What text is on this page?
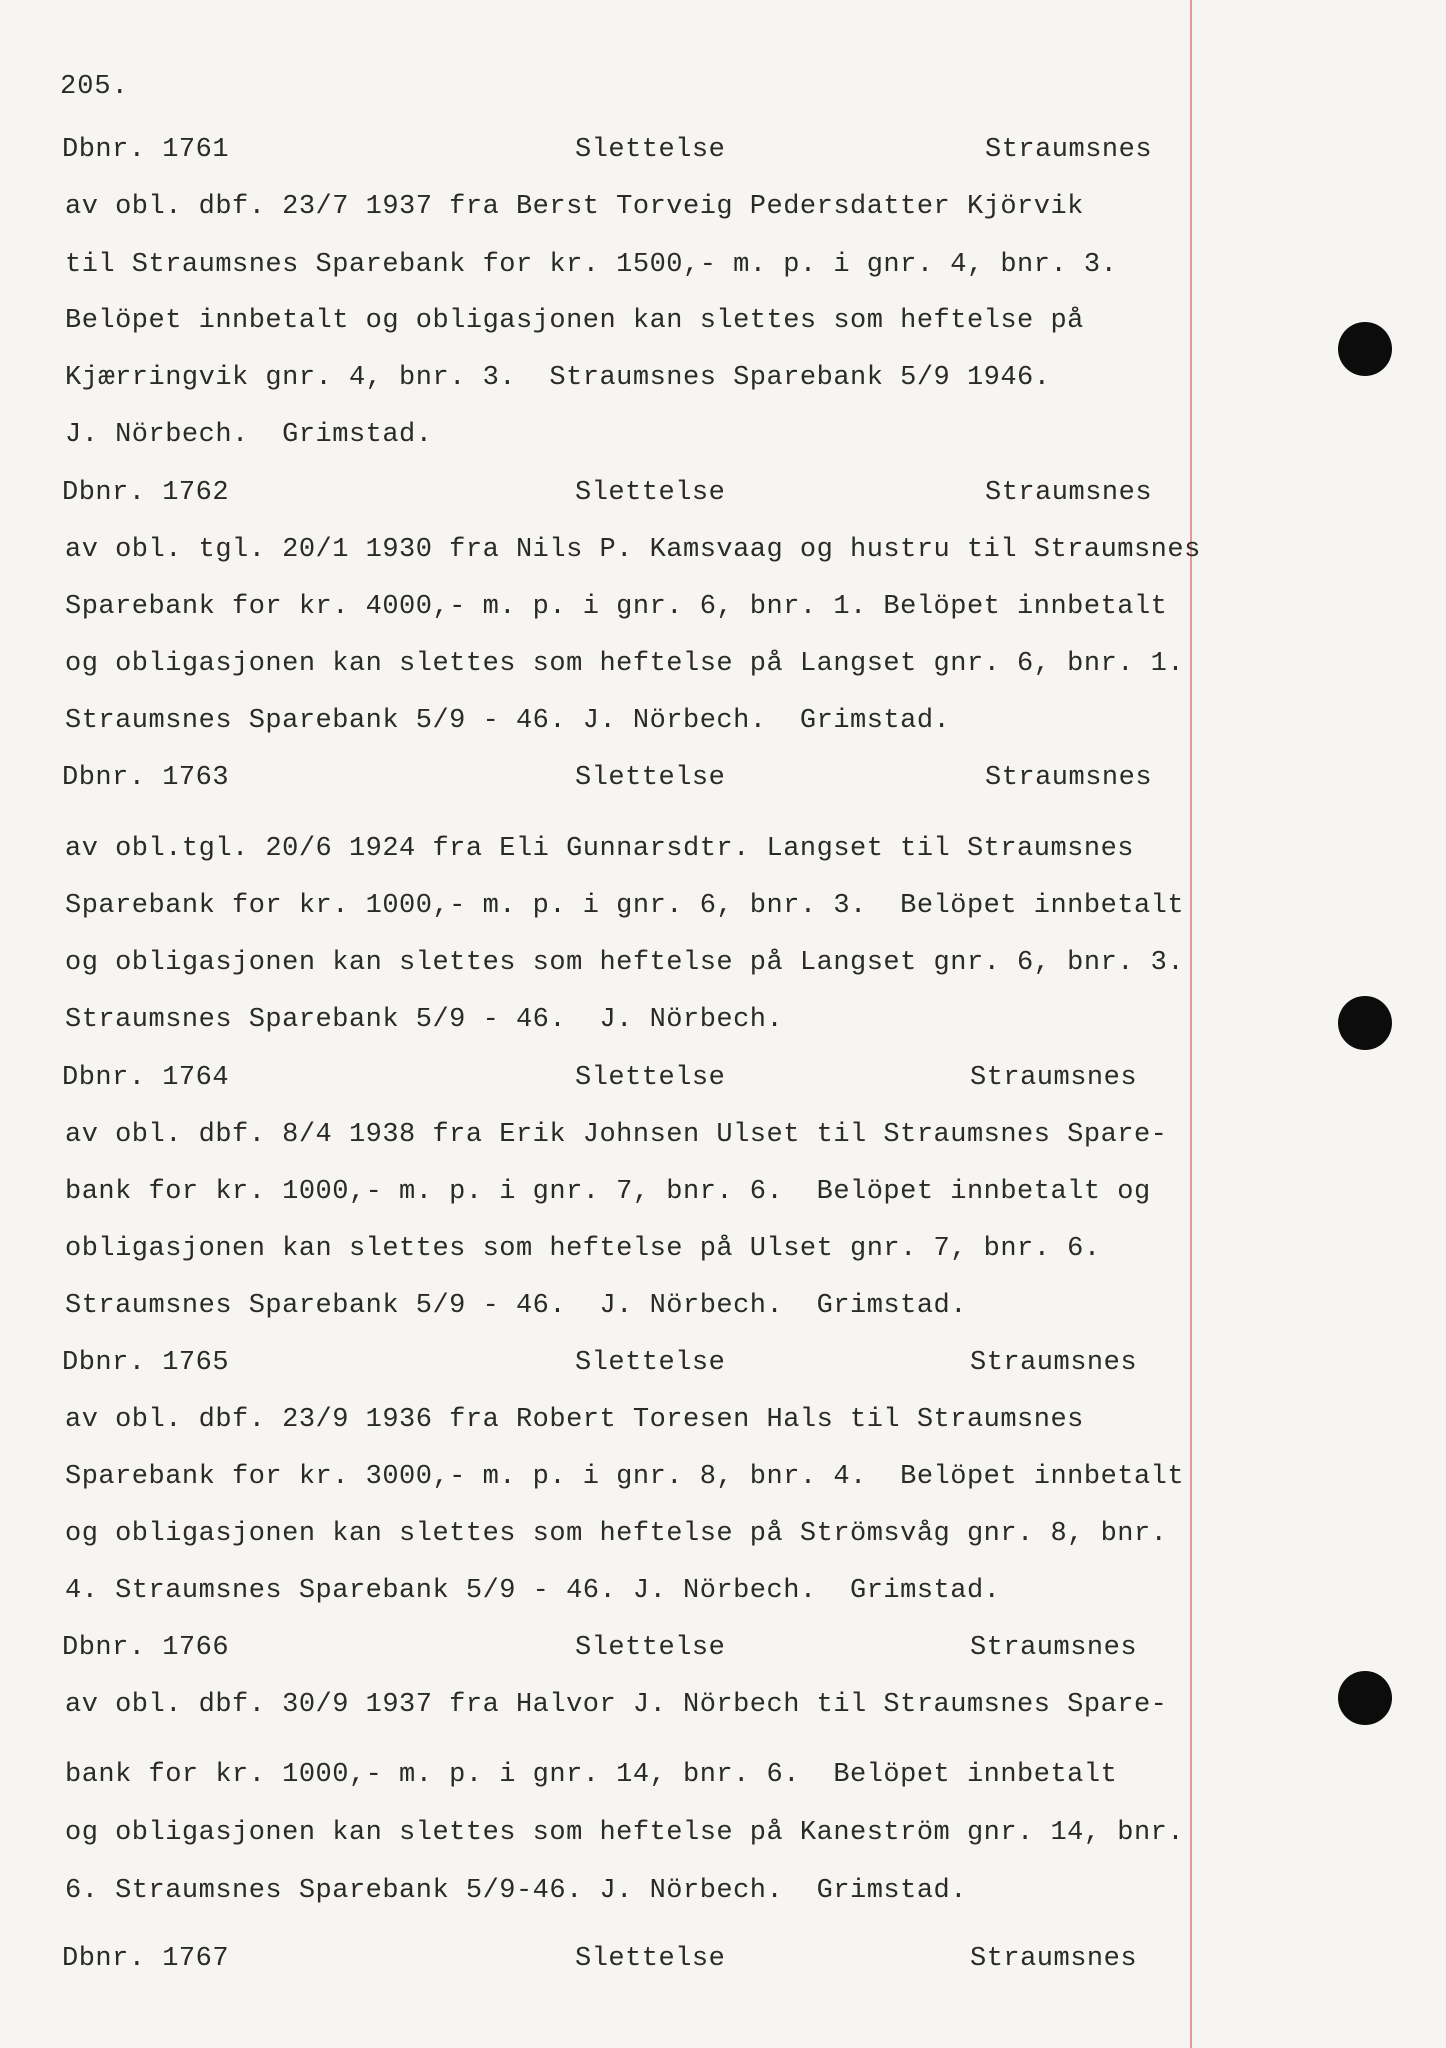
205.
Dbnr. 1761	Slettelse	Straumsnes
av obl. dbf. 23/7 1937 fra Berst Torveig Pedersdatter Kjörvik
til Straumsnes Sparebank for kr. 1500,- m. p. i gnr. 4, bnr. 3.
Belöpet innbetalt og obligasjonen kan slettes som heftelse på
Kjærringvik gnr. 4, bnr. 3.  Straumsnes Sparebank 5/9 1946.
J. Nörbech.  Grimstad.
Dbnr. 1762	Slettelse	Straumsnes
av obl. tgl. 20/1 1930 fra Nils P. Kamsvaag og hustru til Straumsnes
Sparebank for kr. 4000,- m. p. i gnr. 6, bnr. 1. Belöpet innbetalt
og obligasjonen kan slettes som heftelse på Langset gnr. 6, bnr. 1.
Straumsnes Sparebank 5/9 - 46. J. Nörbech.  Grimstad.
Dbnr. 1763	Slettelse	Straumsnes
av obl.tgl. 20/6 1924 fra Eli Gunnarsdtr. Langset til Straumsnes
Sparebank for kr. 1000,- m. p. i gnr. 6, bnr. 3.  Belöpet innbetalt
og obligasjonen kan slettes som heftelse på Langset gnr. 6, bnr. 3.
Straumsnes Sparebank 5/9 - 46.  J. Nörbech.
Dbnr. 1764	Slettelse	Straumsnes
av obl. dbf. 8/4 1938 fra Erik Johnsen Ulset til Straumsnes Spare-
bank for kr. 1000,- m. p. i gnr. 7, bnr. 6.  Belöpet innbetalt og
obligasjonen kan slettes som heftelse på Ulset gnr. 7, bnr. 6.
Straumsnes Sparebank 5/9 - 46.  J. Nörbech.  Grimstad.
Dbnr. 1765	Slettelse	Straumsnes
av obl. dbf. 23/9 1936 fra Robert Toresen Hals til Straumsnes
Sparebank for kr. 3000,- m. p. i gnr. 8, bnr. 4.  Belöpet innbetalt
og obligasjonen kan slettes som heftelse på Strömsvåg gnr. 8, bnr.
4. Straumsnes Sparebank 5/9 - 46. J. Nörbech.  Grimstad.
Dbnr. 1766	Slettelse	Straumsnes
av obl. dbf. 30/9 1937 fra Halvor J. Nörbech til Straumsnes Spare-
bank for kr. 1000,- m. p. i gnr. 14, bnr. 6.  Belöpet innbetalt
og obligasjonen kan slettes som heftelse på Kaneström gnr. 14, bnr.
6. Straumsnes Sparebank 5/9-46. J. Nörbech.  Grimstad.
Dbnr. 1767	Slettelse	Straumsnes
